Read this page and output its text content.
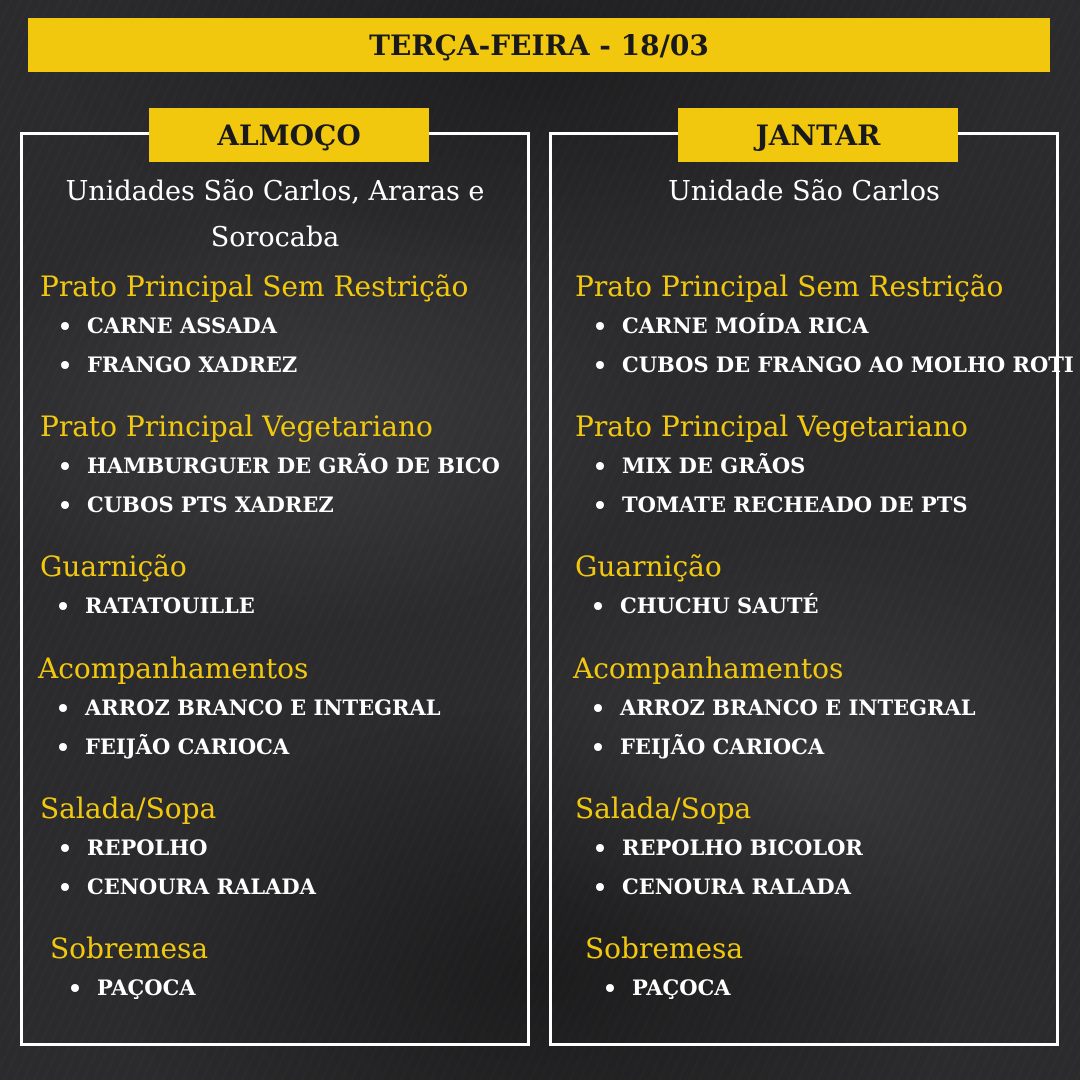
TERÇA-FEIRA - 18/03
ALMOÇO
Unidades São Carlos, Araras e Sorocaba
Prato Principal Sem Restrição
CARNE ASSADA
FRANGO XADREZ
Prato Principal Vegetariano
HAMBURGUER DE GRÃO DE BICO
CUBOS PTS XADREZ
Guarnição
RATATOUILLE
Acompanhamentos
ARROZ BRANCO E INTEGRAL
FEIJÃO CARIOCA
Salada/Sopa
REPOLHO
CENOURA RALADA
Sobremesa
PAÇOCA
JANTAR
Unidade São Carlos
Prato Principal Sem Restrição
CARNE MOÍDA RICA
CUBOS DE FRANGO AO MOLHO ROTI
Prato Principal Vegetariano
MIX DE GRÃOS
TOMATE RECHEADO DE PTS
Guarnição
CHUCHU SAUTÉ
Acompanhamentos
ARROZ BRANCO E INTEGRAL
FEIJÃO CARIOCA
Salada/Sopa
REPOLHO BICOLOR
CENOURA RALADA
Sobremesa
PAÇOCA
